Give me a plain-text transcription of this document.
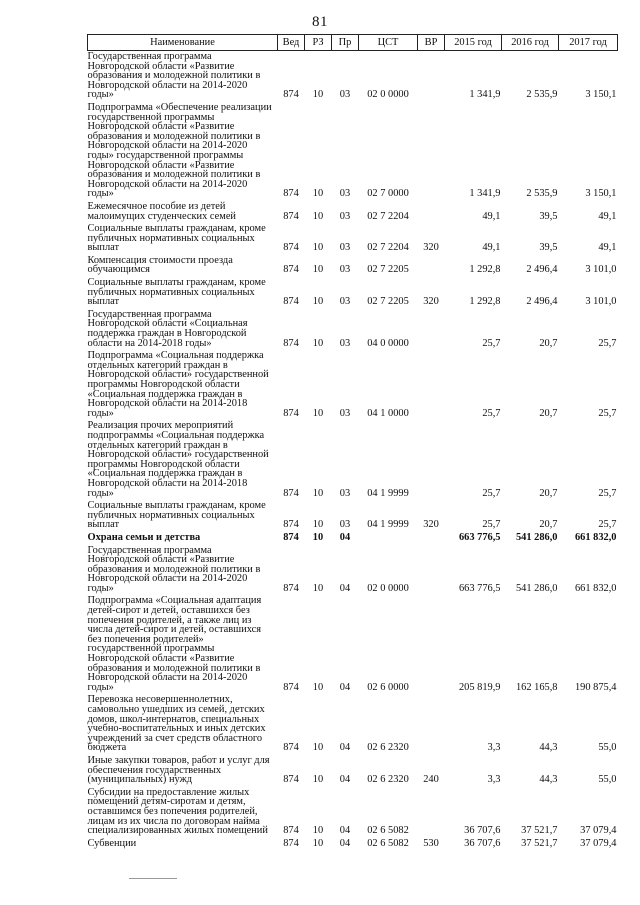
81
Наименование	Вед	РЗ	Пр	ЦСТ	ВР	2015 год	2016 год	2017 год
Государственная программа Новгородской области «Развитие образования и молодежной политики в Новгородской области на 2014-2020 годы»	874	10	03	02 0 0000		1 341,9	2 535,9	3 150,1
Подпрограмма «Обеспечение реализации государственной программы Новгородской области «Развитие образования и молодежной политики в Новгородской области на 2014-2020 годы» государственной программы Новгородской области «Развитие образования и молодежной политики в Новгородской области на 2014-2020 годы»	874	10	03	02 7 0000		1 341,9	2 535,9	3 150,1
Ежемесячное пособие из детей малоимущих студенческих семей	874	10	03	02 7 2204		49,1	39,5	49,1
Социальные выплаты гражданам, кроме публичных нормативных социальных выплат	874	10	03	02 7 2204	320	49,1	39,5	49,1
Компенсация стоимости проезда обучающимся	874	10	03	02 7 2205		1 292,8	2 496,4	3 101,0
Социальные выплаты гражданам, кроме публичных нормативных социальных выплат	874	10	03	02 7 2205	320	1 292,8	2 496,4	3 101,0
Государственная программа Новгородской области «Социальная поддержка граждан в Новгородской области на 2014-2018 годы»	874	10	03	04 0 0000		25,7	20,7	25,7
Подпрограмма «Социальная поддержка отдельных категорий граждан в Новгородской области» государственной программы Новгородской области «Социальная поддержка граждан в Новгородской области на 2014-2018 годы»	874	10	03	04 1 0000		25,7	20,7	25,7
Реализация прочих мероприятий подпрограммы «Социальная поддержка отдельных категорий граждан в Новгородской области» государственной программы Новгородской области «Социальная поддержка граждан в Новгородской области на 2014-2018 годы»	874	10	03	04 1 9999		25,7	20,7	25,7
Социальные выплаты гражданам, кроме публичных нормативных социальных выплат	874	10	03	04 1 9999	320	25,7	20,7	25,7
Охрана семьи и детства	874	10	04			663 776,5	541 286,0	661 832,0
Государственная программа Новгородской области «Развитие образования и молодежной политики в Новгородской области на 2014-2020 годы»	874	10	04	02 0 0000		663 776,5	541 286,0	661 832,0
Подпрограмма «Социальная адаптация детей-сирот и детей, оставшихся без попечения родителей, а также лиц из числа детей-сирот и детей, оставшихся без попечения родителей» государственной программы Новгородской области «Развитие образования и молодежной политики в Новгородской области на 2014-2020 годы»	874	10	04	02 6 0000		205 819,9	162 165,8	190 875,4
Перевозка несовершеннолетних, самовольно ушедших из семей, детских домов, школ-интернатов, специальных учебно-воспитательных и иных детских учреждений за счет средств областного бюджета	874	10	04	02 6 2320		3,3	44,3	55,0
Иные закупки товаров, работ и услуг для обеспечения государственных (муниципальных) нужд	874	10	04	02 6 2320	240	3,3	44,3	55,0
Субсидии на предоставление жилых помещений детям-сиротам и детям, оставшимся без попечения родителей, лицам из их числа по договорам найма специализированных жилых помещений	874	10	04	02 6 5082		36 707,6	37 521,7	37 079,4
Субвенции	874	10	04	02 6 5082	530	36 707,6	37 521,7	37 079,4
